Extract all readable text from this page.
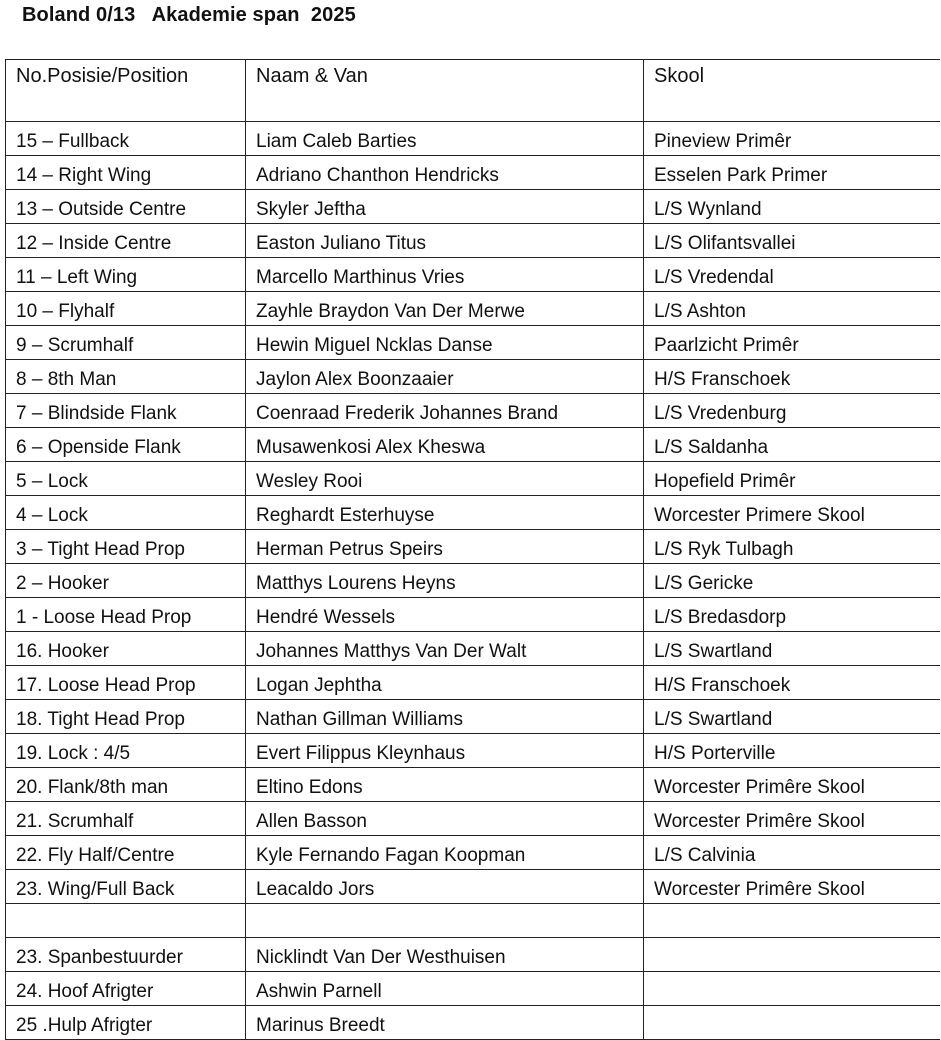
Boland 0/13   Akademie span  2025
No.Posisie/Position	Naam & Van	Skool
15 – Fullback	Liam Caleb Barties	Pineview Primêr
14 – Right Wing	Adriano Chanthon Hendricks	Esselen Park Primer
13 – Outside Centre	Skyler Jeftha	L/S Wynland
12 – Inside Centre	Easton Juliano Titus	L/S Olifantsvallei
11 – Left Wing	Marcello Marthinus Vries	L/S Vredendal
10 – Flyhalf	Zayhle Braydon Van Der Merwe	L/S Ashton
9 – Scrumhalf	Hewin Miguel Ncklas Danse	Paarlzicht Primêr
8 – 8th Man	Jaylon Alex Boonzaaier	H/S Franschoek
7 – Blindside Flank	Coenraad Frederik Johannes Brand	L/S Vredenburg
6 – Openside Flank	Musawenkosi Alex Kheswa	L/S Saldanha
5 – Lock	Wesley Rooi	Hopefield Primêr
4 – Lock	Reghardt Esterhuyse	Worcester Primere Skool
3 – Tight Head Prop	Herman Petrus Speirs	L/S Ryk Tulbagh
2 – Hooker	Matthys Lourens Heyns	L/S Gericke
1 - Loose Head Prop	Hendré Wessels	L/S Bredasdorp
16. Hooker	Johannes Matthys Van Der Walt	L/S Swartland
17. Loose Head Prop	Logan Jephtha	H/S Franschoek
18. Tight Head Prop	Nathan Gillman Williams	L/S Swartland
19. Lock : 4/5	Evert Filippus Kleynhaus	H/S Porterville
20. Flank/8th man	Eltino Edons	Worcester Primêre Skool
21. Scrumhalf	Allen Basson	Worcester Primêre Skool
22. Fly Half/Centre	Kyle Fernando Fagan Koopman	L/S Calvinia
23. Wing/Full Back	Leacaldo Jors	Worcester Primêre Skool

23. Spanbestuurder	Nicklindt Van Der Westhuisen	
24. Hoof Afrigter	Ashwin Parnell	
25 .Hulp Afrigter	Marinus Breedt	
